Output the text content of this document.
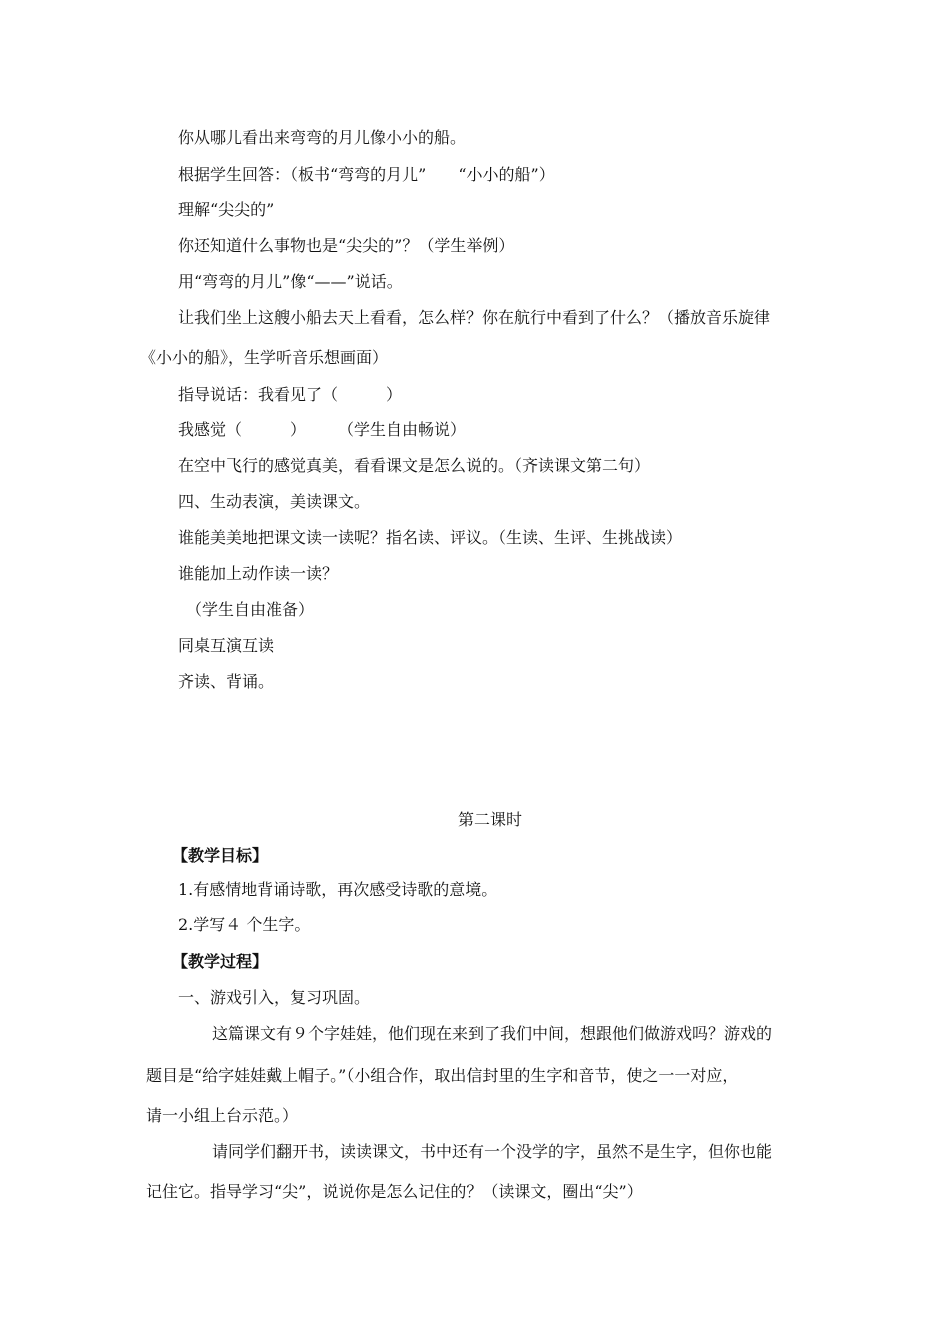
你从哪儿看出来弯弯的月儿像小小的船。
根据学生回答：（板书“弯弯的月儿”　　“小小的船”）
理解“尖尖的”
你还知道什么事物也是“尖尖的”？（学生举例）
用“弯弯的月儿”像“——”说话。
让我们坐上这艘小船去天上看看，怎么样？你在航行中看到了什么？（播放音乐旋律
《小小的船》，生学听音乐想画面）
指导说话：我看见了（　　　）
我感觉（　　　）　　　（学生自由畅说）
在空中飞行的感觉真美，看看课文是怎么说的。（齐读课文第二句）
四、生动表演，美读课文。
谁能美美地把课文读一读呢？指名读、评议。（生读、生评、生挑战读）
谁能加上动作读一读？
（学生自由准备）
同桌互演互读
齐读、背诵。
第二课时
【教学目标】
1.有感情地背诵诗歌，再次感受诗歌的意境。
2.学写４ 个生字。
【教学过程】
一、游戏引入，复习巩固。
这篇课文有９个字娃娃，他们现在来到了我们中间，想跟他们做游戏吗？游戏的
题目是“给字娃娃戴上帽子。”（小组合作，取出信封里的生字和音节，使之一一对应，
请一小组上台示范。）
请同学们翻开书，读读课文，书中还有一个没学的字，虽然不是生字，但你也能
记住它。指导学习“尖”，说说你是怎么记住的？（读课文，圈出“尖”）
